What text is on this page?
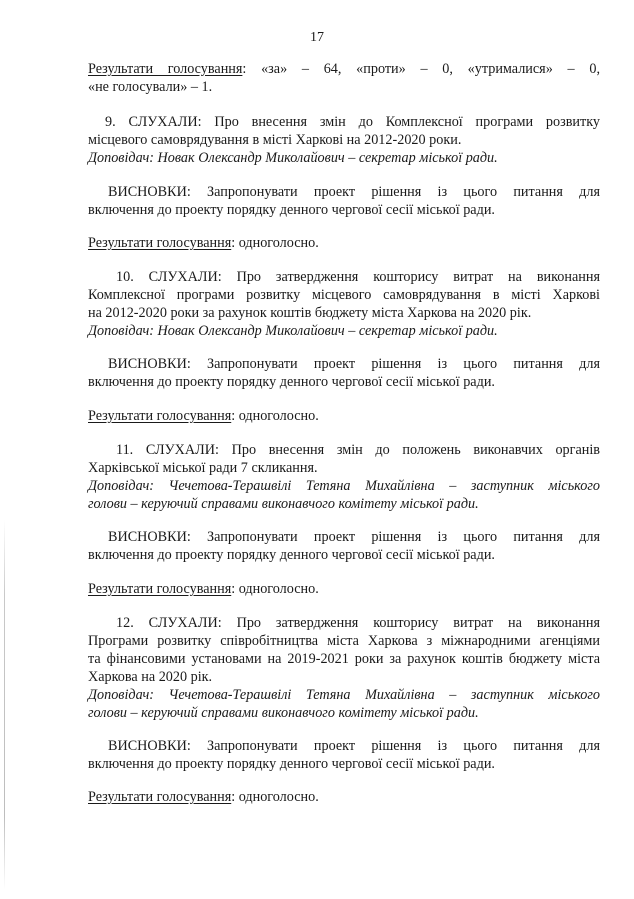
17
Результати голосування: «за» – 64, «проти» – 0, «утрималися» – 0,
«не голосували» – 1.
9. СЛУХАЛИ: Про внесення змін до Комплексної програми розвитку
місцевого самоврядування в місті Харкові на 2012-2020 роки.
Доповідач: Новак Олександр Миколайович – секретар міської ради.
ВИСНОВКИ: Запропонувати проект рішення із цього питання для
включення до проекту порядку денного чергової сесії міської ради.
Результати голосування: одноголосно.
10. СЛУХАЛИ: Про затвердження кошторису витрат на виконання
Комплексної програми розвитку місцевого самоврядування в місті Харкові
на 2012-2020 роки за рахунок коштів бюджету міста Харкова на 2020 рік.
Доповідач: Новак Олександр Миколайович – секретар міської ради.
ВИСНОВКИ: Запропонувати проект рішення із цього питання для
включення до проекту порядку денного чергової сесії міської ради.
Результати голосування: одноголосно.
11. СЛУХАЛИ: Про внесення змін до положень виконавчих органів
Харківської міської ради 7 скликання.
Доповідач: Чечетова-Терашвілі Тетяна Михайлівна – заступник міського
голови – керуючий справами виконавчого комітету міської ради.
ВИСНОВКИ: Запропонувати проект рішення із цього питання для
включення до проекту порядку денного чергової сесії міської ради.
Результати голосування: одноголосно.
12. СЛУХАЛИ: Про затвердження кошторису витрат на виконання
Програми розвитку співробітництва міста Харкова з міжнародними агенціями
та фінансовими установами на 2019-2021 роки за рахунок коштів бюджету міста
Харкова на 2020 рік.
Доповідач: Чечетова-Терашвілі Тетяна Михайлівна – заступник міського
голови – керуючий справами виконавчого комітету міської ради.
ВИСНОВКИ: Запропонувати проект рішення із цього питання для
включення до проекту порядку денного чергової сесії міської ради.
Результати голосування: одноголосно.
